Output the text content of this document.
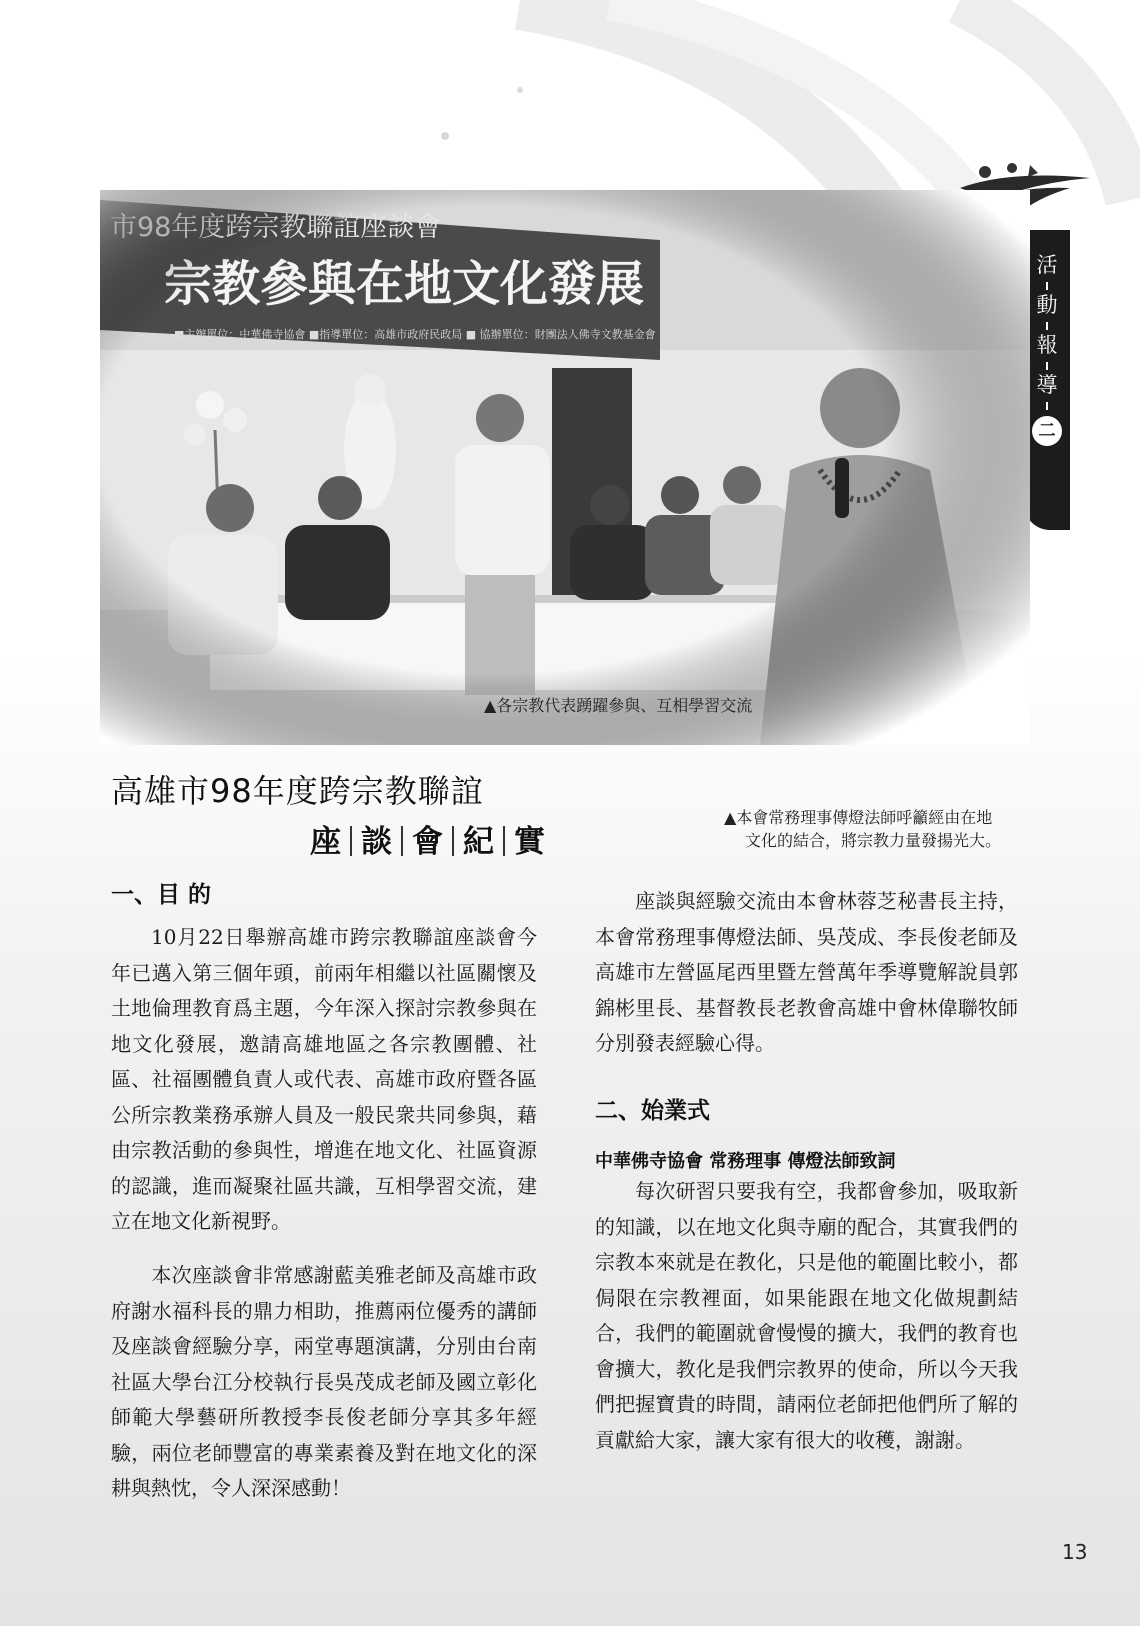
活
動
報
導
二
▲各宗教代表踴躍參與、互相學習交流
▲本會常務理事傳燈法師呼籲經由在地
文化的結合，將宗教力量發揚光大。
高雄市98年度跨宗教聯誼
座 談 會 紀 實
一、目 的
10月22日舉辦高雄市跨宗教聯誼座談會今年已邁入第三個年頭，前兩年相繼以社區關懷及土地倫理教育爲主題，今年深入探討宗教參與在地文化發展，邀請高雄地區之各宗教團體、社區、社福團體負責人或代表、高雄市政府暨各區公所宗教業務承辦人員及一般民衆共同參與，藉由宗教活動的參與性，增進在地文化、社區資源的認識，進而凝聚社區共識，互相學習交流，建立在地文化新視野。
本次座談會非常感謝藍美雅老師及高雄市政府謝水福科長的鼎力相助，推薦兩位優秀的講師及座談會經驗分享，兩堂專題演講，分別由台南社區大學台江分校執行長吳茂成老師及國立彰化師範大學藝研所教授李長俊老師分享其多年經驗，兩位老師豐富的專業素養及對在地文化的深耕與熱忱，令人深深感動！
座談與經驗交流由本會林蓉芝秘書長主持，本會常務理事傳燈法師、吳茂成、李長俊老師及高雄市左營區尾西里暨左營萬年季導覽解說員郭錦彬里長、基督教長老教會高雄中會林偉聯牧師分別發表經驗心得。
二、始業式
中華佛寺協會 常務理事 傳燈法師致詞
每次研習只要我有空，我都會參加，吸取新的知識，以在地文化與寺廟的配合，其實我們的宗教本來就是在教化，只是他的範圍比較小，都侷限在宗教裡面，如果能跟在地文化做規劃結合，我們的範圍就會慢慢的擴大，我們的教育也會擴大，教化是我們宗教界的使命，所以今天我們把握寶貴的時間，請兩位老師把他們所了解的貢獻給大家，讓大家有很大的收穫，謝謝。
13
